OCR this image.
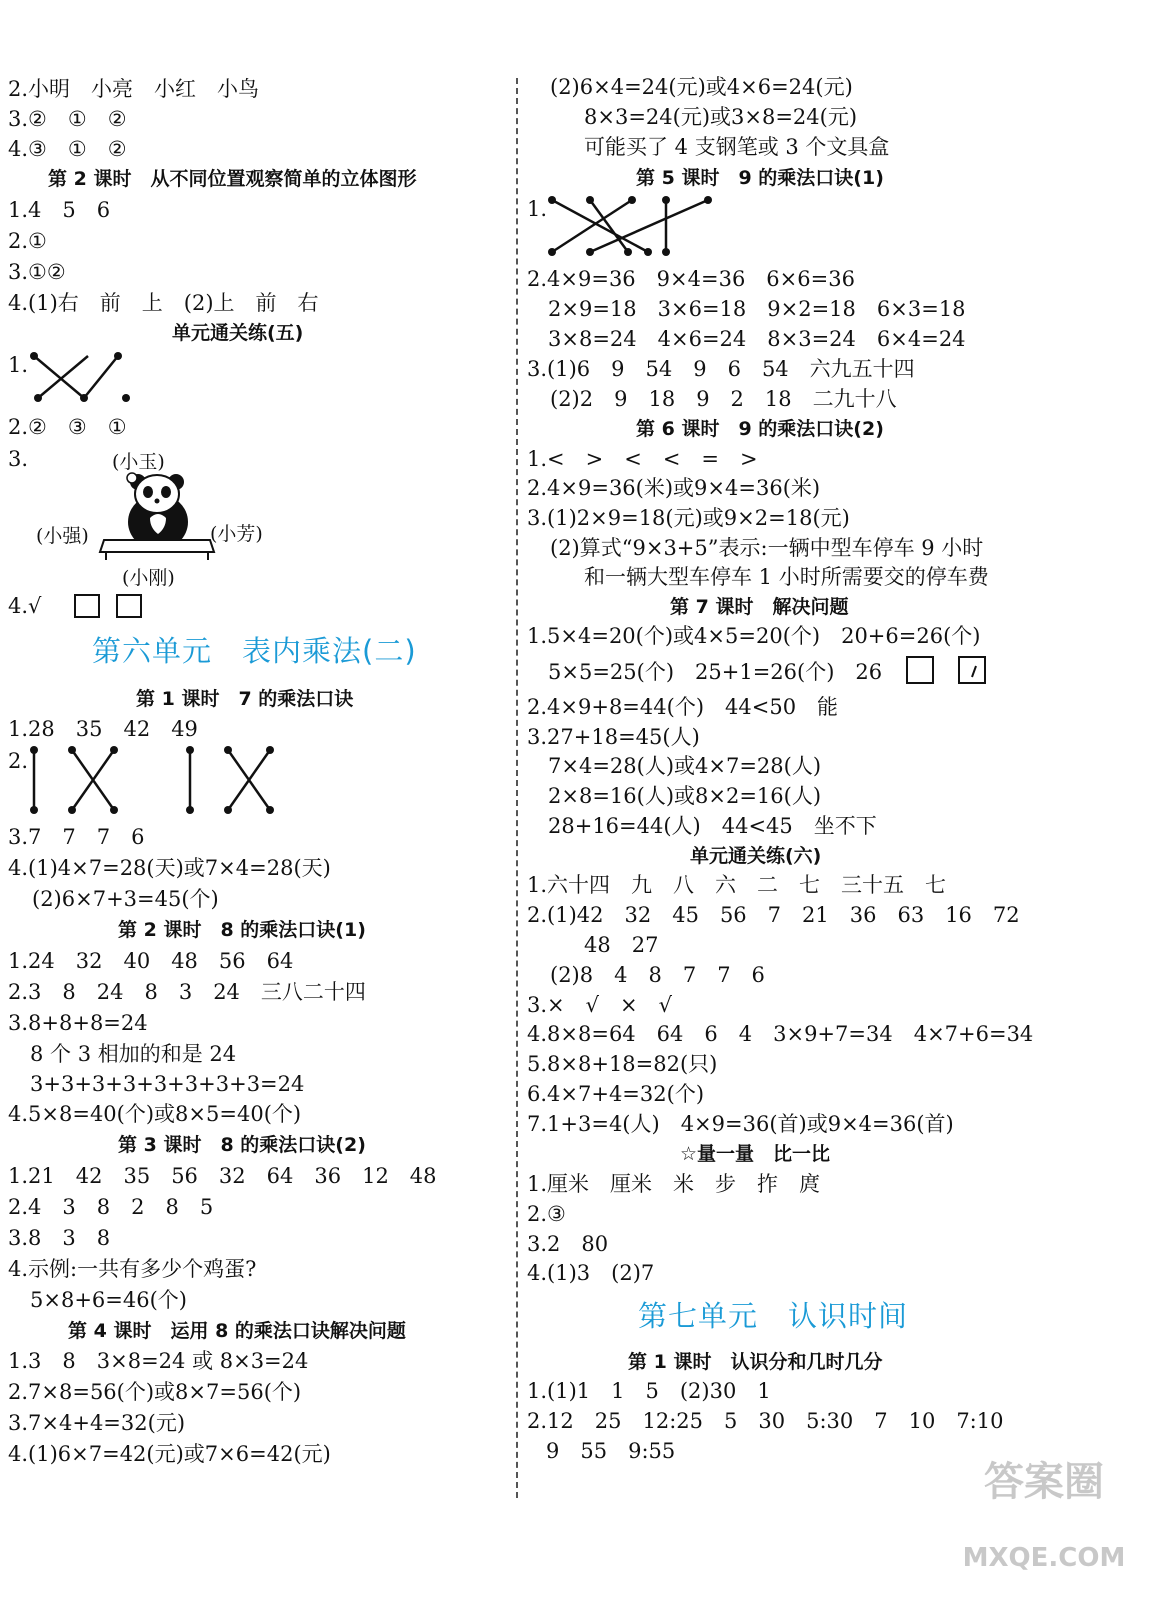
2.小明　小亮　小红　小鸟
3.②　①　②
4.③　①　②
第 2 课时　从不同位置观察简单的立体图形
1.4　5　6
2.①
3.①②
4.(1)右　前　上　(2)上　前　右
单元通关练(五)
1.
2.②　③　①
3.	(小玉)
(小强)	(小芳)
(小刚)
4.√
第六单元　表内乘法(二)
第 1 课时　7 的乘法口诀
1.28　35　42　49
2.
3.7　7　7　6
4.(1)4×7=28(天)或7×4=28(天)
(2)6×7+3=45(个)
第 2 课时　8 的乘法口诀(1)
1.24　32　40　48　56　64
2.3　8　24　8　3　24　三八二十四
3.8+8+8=24
8 个 3 相加的和是 24
3+3+3+3+3+3+3+3=24
4.5×8=40(个)或8×5=40(个)
第 3 课时　8 的乘法口诀(2)
1.21　42　35　56　32　64　36　12　48
2.4　3　8　2　8　5
3.8　3　8
4.示例:一共有多少个鸡蛋?
5×8+6=46(个)
第 4 课时　运用 8 的乘法口诀解决问题
1.3　8　3×8=24 或 8×3=24
2.7×8=56(个)或8×7=56(个)
3.7×4+4=32(元)
4.(1)6×7=42(元)或7×6=42(元)
(2)6×4=24(元)或4×6=24(元)
8×3=24(元)或3×8=24(元)
可能买了 4 支钢笔或 3 个文具盒
第 5 课时　9 的乘法口诀(1)
1.
2.4×9=36　9×4=36　6×6=36
2×9=18　3×6=18　9×2=18　6×3=18
3×8=24　4×6=24　8×3=24　6×4=24
3.(1)6　9　54　9　6　54　六九五十四
(2)2　9　18　9　2　18　二九十八
第 6 课时　9 的乘法口诀(2)
1.<　>　<　<　=　>
2.4×9=36(米)或9×4=36(米)
3.(1)2×9=18(元)或9×2=18(元)
(2)算式“9×3+5”表示:一辆中型车停车 9 小时
和一辆大型车停车 1 小时所需要交的停车费
第 7 课时　解决问题
1.5×4=20(个)或4×5=20(个)　20+6=26(个)
5×5=25(个)　25+1=26(个)　26
2.4×9+8=44(个)　44<50　能
3.27+18=45(人)
7×4=28(人)或4×7=28(人)
2×8=16(人)或8×2=16(人)
28+16=44(人)　44<45　坐不下
单元通关练(六)
1.六十四　九　八　六　二　七　三十五　七
2.(1)42　32　45　56　7　21　36　63　16　72
48　27
(2)8　4　8　7　7　6
3.×　√　×　√
4.8×8=64　64　6　4　3×9+7=34　4×7+6=34
5.8×8+18=82(只)
6.4×7+4=32(个)
7.1+3=4(人)　4×9=36(首)或9×4=36(首)
☆量一量　比一比
1.厘米　厘米　米　步　拃　庹
2.③
3.2　80
4.(1)3　(2)7
第七单元　认识时间
第 1 课时　认识分和几时几分
1.(1)1　1　5　(2)30　1
2.12　25　12:25　5　30　5:30　7　10　7:10
9　55　9:55

答案圈

MXQE.COM
